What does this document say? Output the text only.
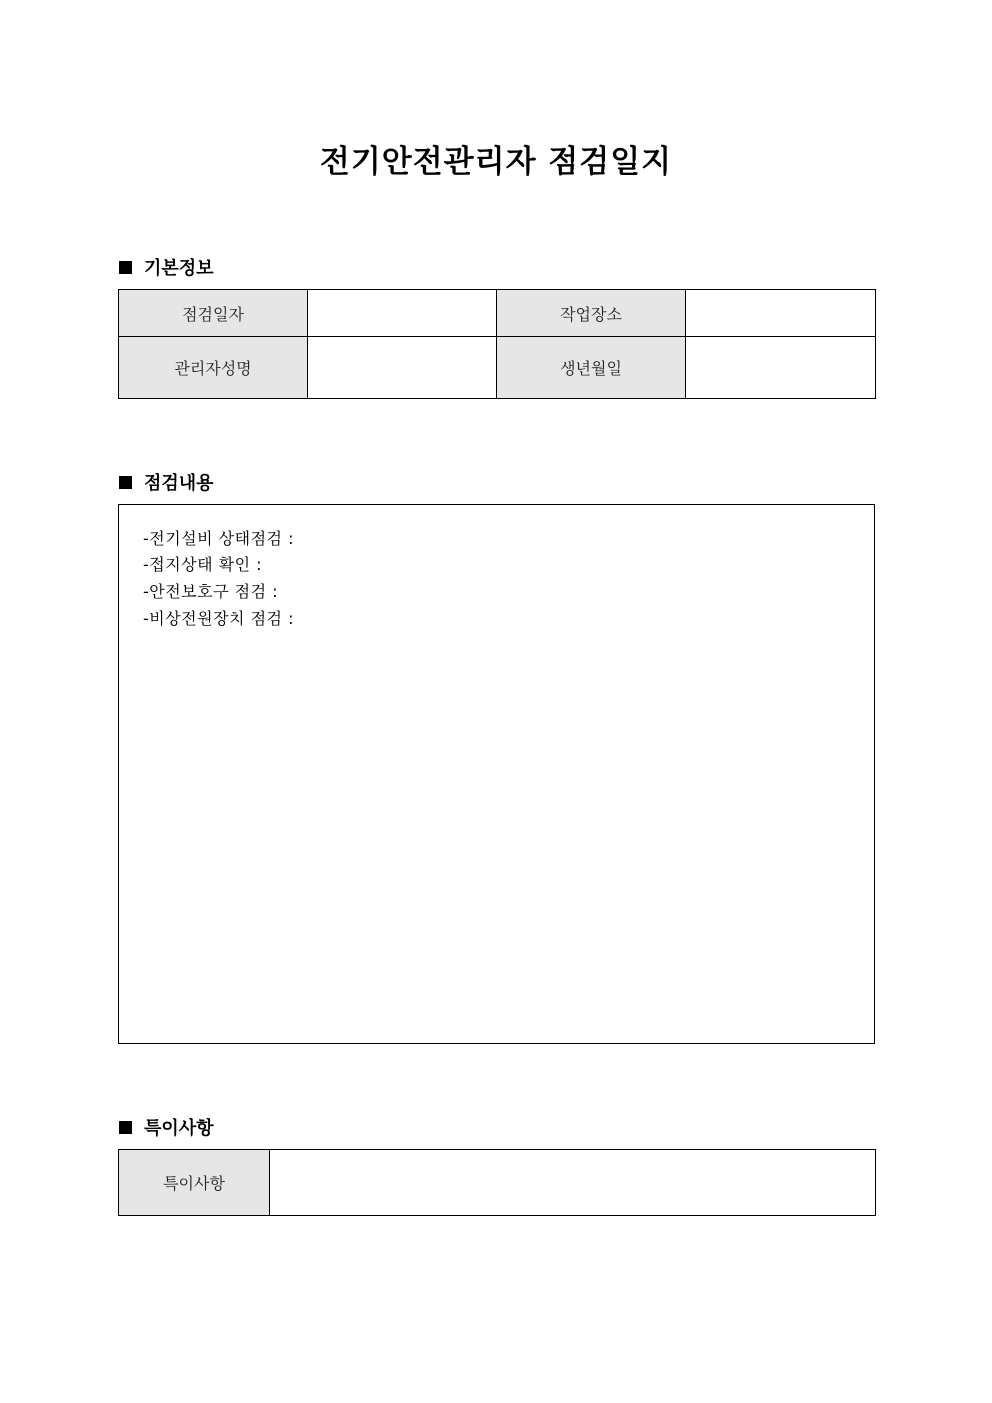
전기안전관리자 점검일지
기본정보
점검일자		작업장소	
관리자성명		생년월일	
점검내용
-전기설비 상태점검 :
-접지상태 확인 :
-안전보호구 점검 :
-비상전원장치 점검 :
특이사항
특이사항	
